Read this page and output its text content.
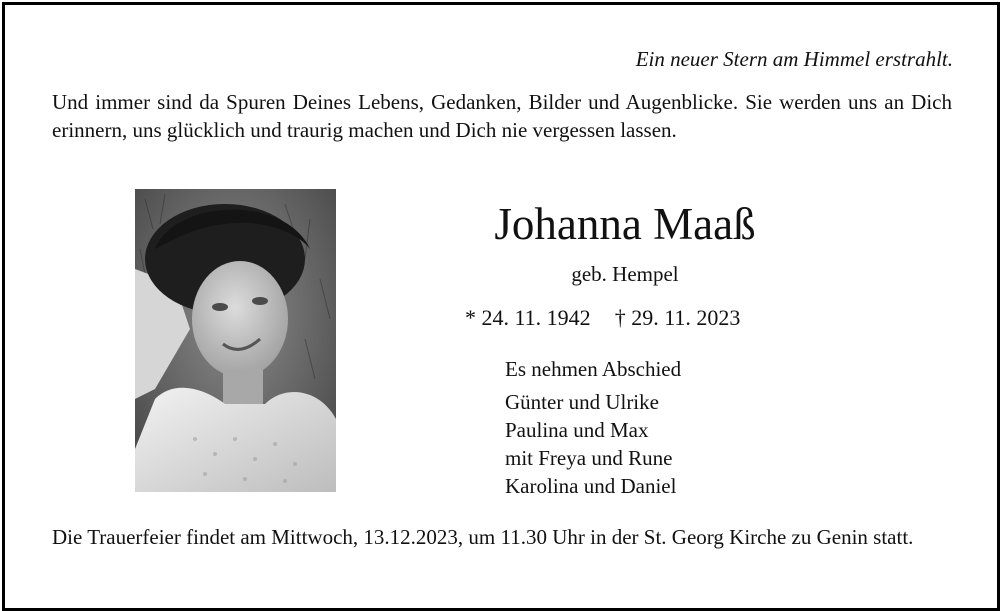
Ein neuer Stern am Himmel erstrahlt.
Und immer sind da Spuren Deines Lebens, Gedanken, Bilder und Augenblicke. Sie werden uns an Dich erinnern, uns glücklich und traurig machen und Dich nie vergessen lassen.
Johanna Maaß
geb. Hempel
* 24. 11. 1942 † 29. 11. 2023
Es nehmen Abschied
Günter und Ulrike
Paulina und Max
mit Freya und Rune
Karolina und Daniel
Die Trauerfeier findet am Mittwoch, 13.12.2023, um 11.30 Uhr in der St. Georg Kirche zu Genin statt.
